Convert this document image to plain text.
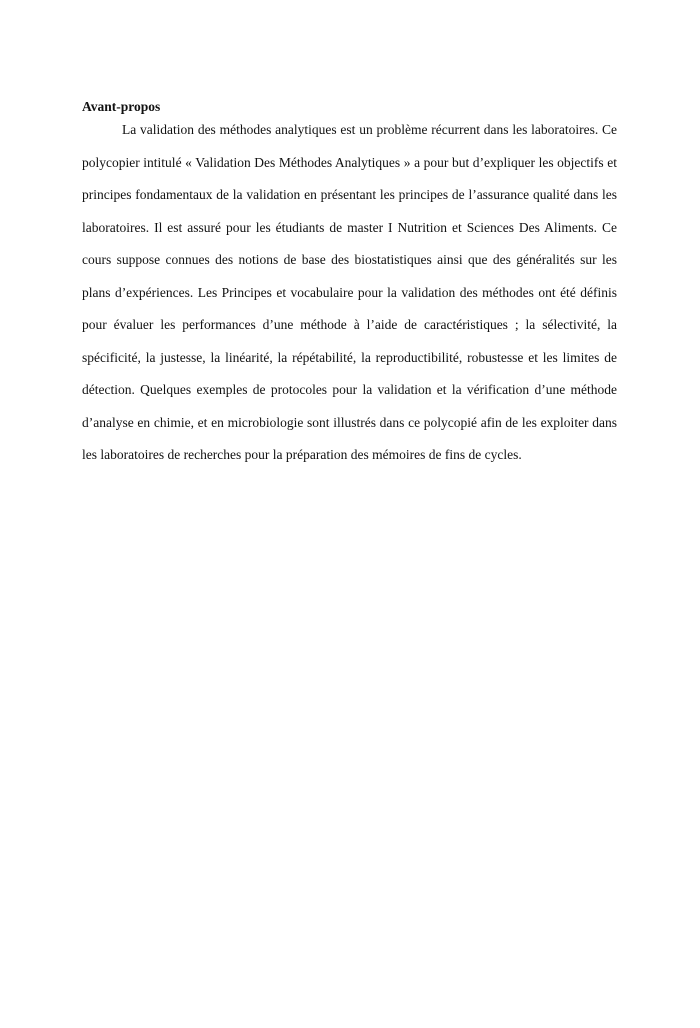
Avant-propos

La validation des méthodes analytiques est un problème récurrent dans les laboratoires. Ce polycopier intitulé « Validation Des Méthodes Analytiques » a pour but d’expliquer les objectifs et principes fondamentaux de la validation en présentant les principes de l’assurance qualité dans les laboratoires. Il est assuré pour les étudiants de master I Nutrition et Sciences Des Aliments. Ce cours suppose connues des notions de base des biostatistiques ainsi que des généralités sur les plans d’expériences. Les Principes et vocabulaire pour la validation des méthodes ont été définis pour évaluer les performances d’une méthode à l’aide de caractéristiques ; la sélectivité, la spécificité, la justesse, la linéarité, la répétabilité, la reproductibilité, robustesse et les limites de détection. Quelques exemples de protocoles pour la validation et la vérification d’une méthode d’analyse en chimie, et en microbiologie sont illustrés dans ce polycopié afin de les exploiter dans les laboratoires de recherches pour la préparation des mémoires de fins de cycles.
